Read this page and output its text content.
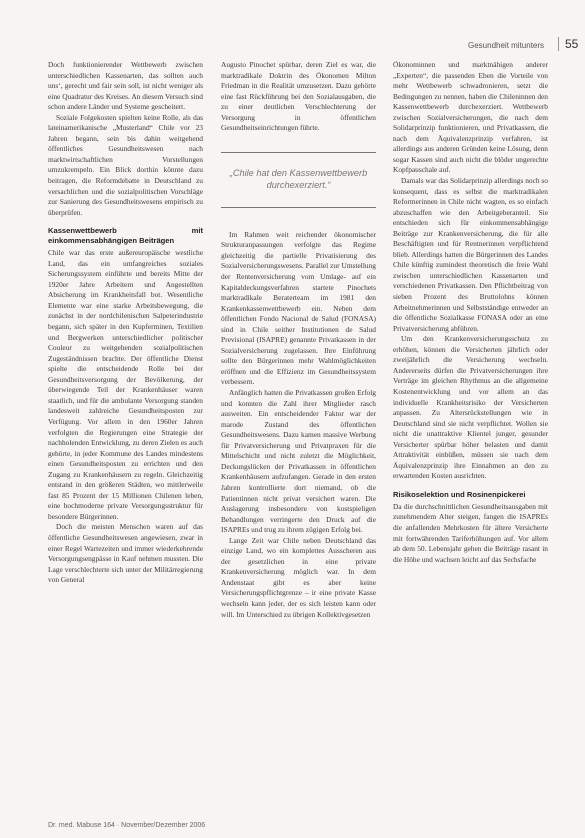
Gesundheit mitunters	55

Doch funktionierender Wettbewerb zwischen unterschiedlichen Kassenarten, das sollten auch uns‘, gerecht und fair sein soll, ist nicht weniger als eine Quadratur des Kreises. An diesem Versuch sind schon andere Länder und Systeme gescheitert.

Soziale Folgekosten spielten keine Rolle, als das lateinamerikanische „Musterland“ Chile vor 23 Jahren begann, sein bis dahin weitgehend öffentliches Gesundheitswesen nach marktwirtschaftlichen Vorstellungen umzukrempeln. Ein Blick dorthin könnte dazu beitragen, die Reformdebatte in Deutschland zu versachlichen und die sozialpolitischen Vorschläge zur Sanierung des Gesundheitswesens empirisch zu überprüfen.

Kassenwettbewerb mit einkommensabhängigen Beiträgen

Chile war das erste außereuropäische westliche Land, das ein umfangreiches soziales Sicherungssystem einführte und bereits Mitte der 1920er Jahre Arbeitern und Angestellten Absicherung im Krankheitsfall bot. Wesentliche Elemente war eine starke Arbeitsbewegung, die zunächst in der nordchilenischen Salpeterindustrie begann, sich später in den Kupferminen, Textilien und Bergwerken unterschiedlicher politischer Couleur zu weitgehenden sozialpolitischen Zugeständnissen brachte. Der öffentliche Dienst spielte die entscheidende Rolle bei der Gesundheitsversorgung der Bevölkerung, der überwiegende Teil der Krankenhäuser waren staatlich, und für die ambulante Versorgung standen landesweit zahlreiche Gesundheitsposten zur Verfügung. Vor allem in den 1960er Jahren verfolgten die Regierungen eine Strategie der nachholenden Entwicklung, zu deren Zielen es auch gehörte, in jeder Kommune des Landes mindestens einen Gesundheitsposten zu errichten und den Zugang zu Krankenhäusern zu regeln. Gleichzeitig entstand in den größeren Städten, wo mittlerweile fast 85 Prozent der 15 Millionen Chilenen leben, eine hochmoderne private Versorgungsstruktur für besondere Bürgerinnen.

Doch die meisten Menschen waren auf das öffentliche Gesundheitswesen angewiesen, zwar in einer Regel Wartezeiten und immer wiederkehrende Versorgungsengpässe in Kauf nehmen mussten. Die Lage verschlechterte sich unter der Militärregierung von General

Augusto Pinochet spürbar, deren Ziel es war, die marktradikale Doktrin des Ökonomen Milton Friedman in die Realität umzusetzen. Dazu gehörte eine fast Rückführung bei den Sozialausgaben, die zu einer deutlichen Verschlechterung der Versorgung in öffentlichen Gesundheitseinrichtungen führte.

„Chile hat den Kassenwettbewerb durchexerziert.“

Im Rahmen weit reichender ökonomischer Strukturanpassungen verfolgte das Regime gleichzeitig die partielle Privatisierung des Sozialversicherungswesens. Parallel zur Umstellung der Rentenversicherung vom Umlage- auf ein Kapitaldeckungsverfahren startete Pinochets marktradikale Beraterteam im 1981 den Krankenkassenwettbewerb ein. Neben dem öffentlichen Fondo Nacional de Salud (FONASA) sind in Chile seither Institutionen de Salud Previsional (ISAPRE) genannte Privatkassen in der Sozialversicherung zugelassen. Ihre Einführung sollte den Bürgerinnen mehr Wahlmöglichkeiten eröffnen und die Effizienz im Gesundheitssystem verbessern.

Anfänglich hatten die Privatkassen großen Erfolg und konnten die Zahl ihrer Mitglieder rasch ausweiten. Ein entscheidender Faktor war der marode Zustand des öffentlichen Gesundheitswesens. Dazu kamen massive Werbung für Privatversicherung und Privatpraxen für die Mittelschicht und nicht zuletzt die Möglichkeit, Deckungslücken der Privatkassen in öffentlichen Krankenhäusern aufzufangen. Gerade in den ersten Jahren kontrollierte dort niemand, ob die Patientinnen nicht privat versichert waren. Die Auslagerung insbesondere von kostspieligen Behandlungen verringerte den Druck auf die ISAPREs und trug zu ihrem zügigen Erfolg bei.

Lange Zeit war Chile neben Deutschland das einzige Land, wo ein komplettes Ausscheren aus der gesetzlichen in eine private Krankenversicherung möglich war. In dem Andenstaat gibt es aber keine Versicherungspflichtgrenze – ir eine private Kasse wechseln kann jeder, der es sich leisten kann oder will. Im Unterschied zu übrigen Kollektivgesetzen

Ökonominnen und marktnähigen anderer „Experten“, die passenden Eben die Vorteile von mehr Wettbewerb schwadronieren, setzt die Bedingungen zu nennen, haben die Chileninnen den Kassenwettbewerb durchexerziert. Wettbewerb zwischen Sozialversicherungen, die nach dem Solidarprinzip funktionieren, und Privatkassen, die nach dem Äquivalenzprinzip verfahren, ist allerdings aus anderen Gründen keine Lösung, denn sogar Kassen sind auch nicht die blöder ungerechte Kopfpauschale auf.

Damals war das Solidarprinzip allerdings noch so konsequent, dass es selbst die marktradikalen Reformerinnen in Chile nicht wagten, es so einfach abzuschaffen wie den Arbeitgeberanteil. Sie entschieden sich für einkommensabhängige Beiträge zur Krankenversicherung, die für alle Beschäftigten und für Rentnerinnen verpflichtend blieb. Allerdings hatten die Bürgerinnen des Landes Chile künftig zumindest theoretisch die freie Wahl zwischen unterschiedlichen Kassenarten und verschiedenen Privatkassen. Den Pflichtbeitrag von sieben Prozent des Bruttolohns können Arbeitnehmerinnen und Selbstständige entweder an die öffentliche Sozialkasse FONASA oder an eine Privatversicherung abführen.

Um den Krankenversicherungsschutz zu erhöhen, können die Versicherten jährlich oder zweijährlich die Versicherung wechseln. Andererseits dürfen die Privatversicherungen ihre Verträge im gleichen Rhythmus an die allgemeine Kostenentwicklung und vor allem an das individuelle Krankheitsrisiko der Versicherten anpassen. Zu Altersrückstellungen wie in Deutschland sind sie nicht verpflichtet. Wollen sie nicht die unattraktive Klientel junger, gesunder Versicherter spürbar höher belasten und damit Attraktivität einbüßen, müssen sie nach dem Äquivalenzprinzip ihre Einnahmen an den zu erwartenden Kosten ausrichten.

Risikoselektion und Rosinenpickerei

Da die durchschnittlichen Gesundheitsausgaben mit zunehmendem Alter steigen, fangen die ISAPREs die anfallenden Mehrkosten für ältere Versicherte mit fortwährenden Tariferhöhungen auf. Vor allem ab dem 50. Lebensjahr gehen die Beiträge rasant in die Höhe und wachsen leicht auf das Sechsfache

Dr. med. Mabuse 164 · November/Dezember 2006
